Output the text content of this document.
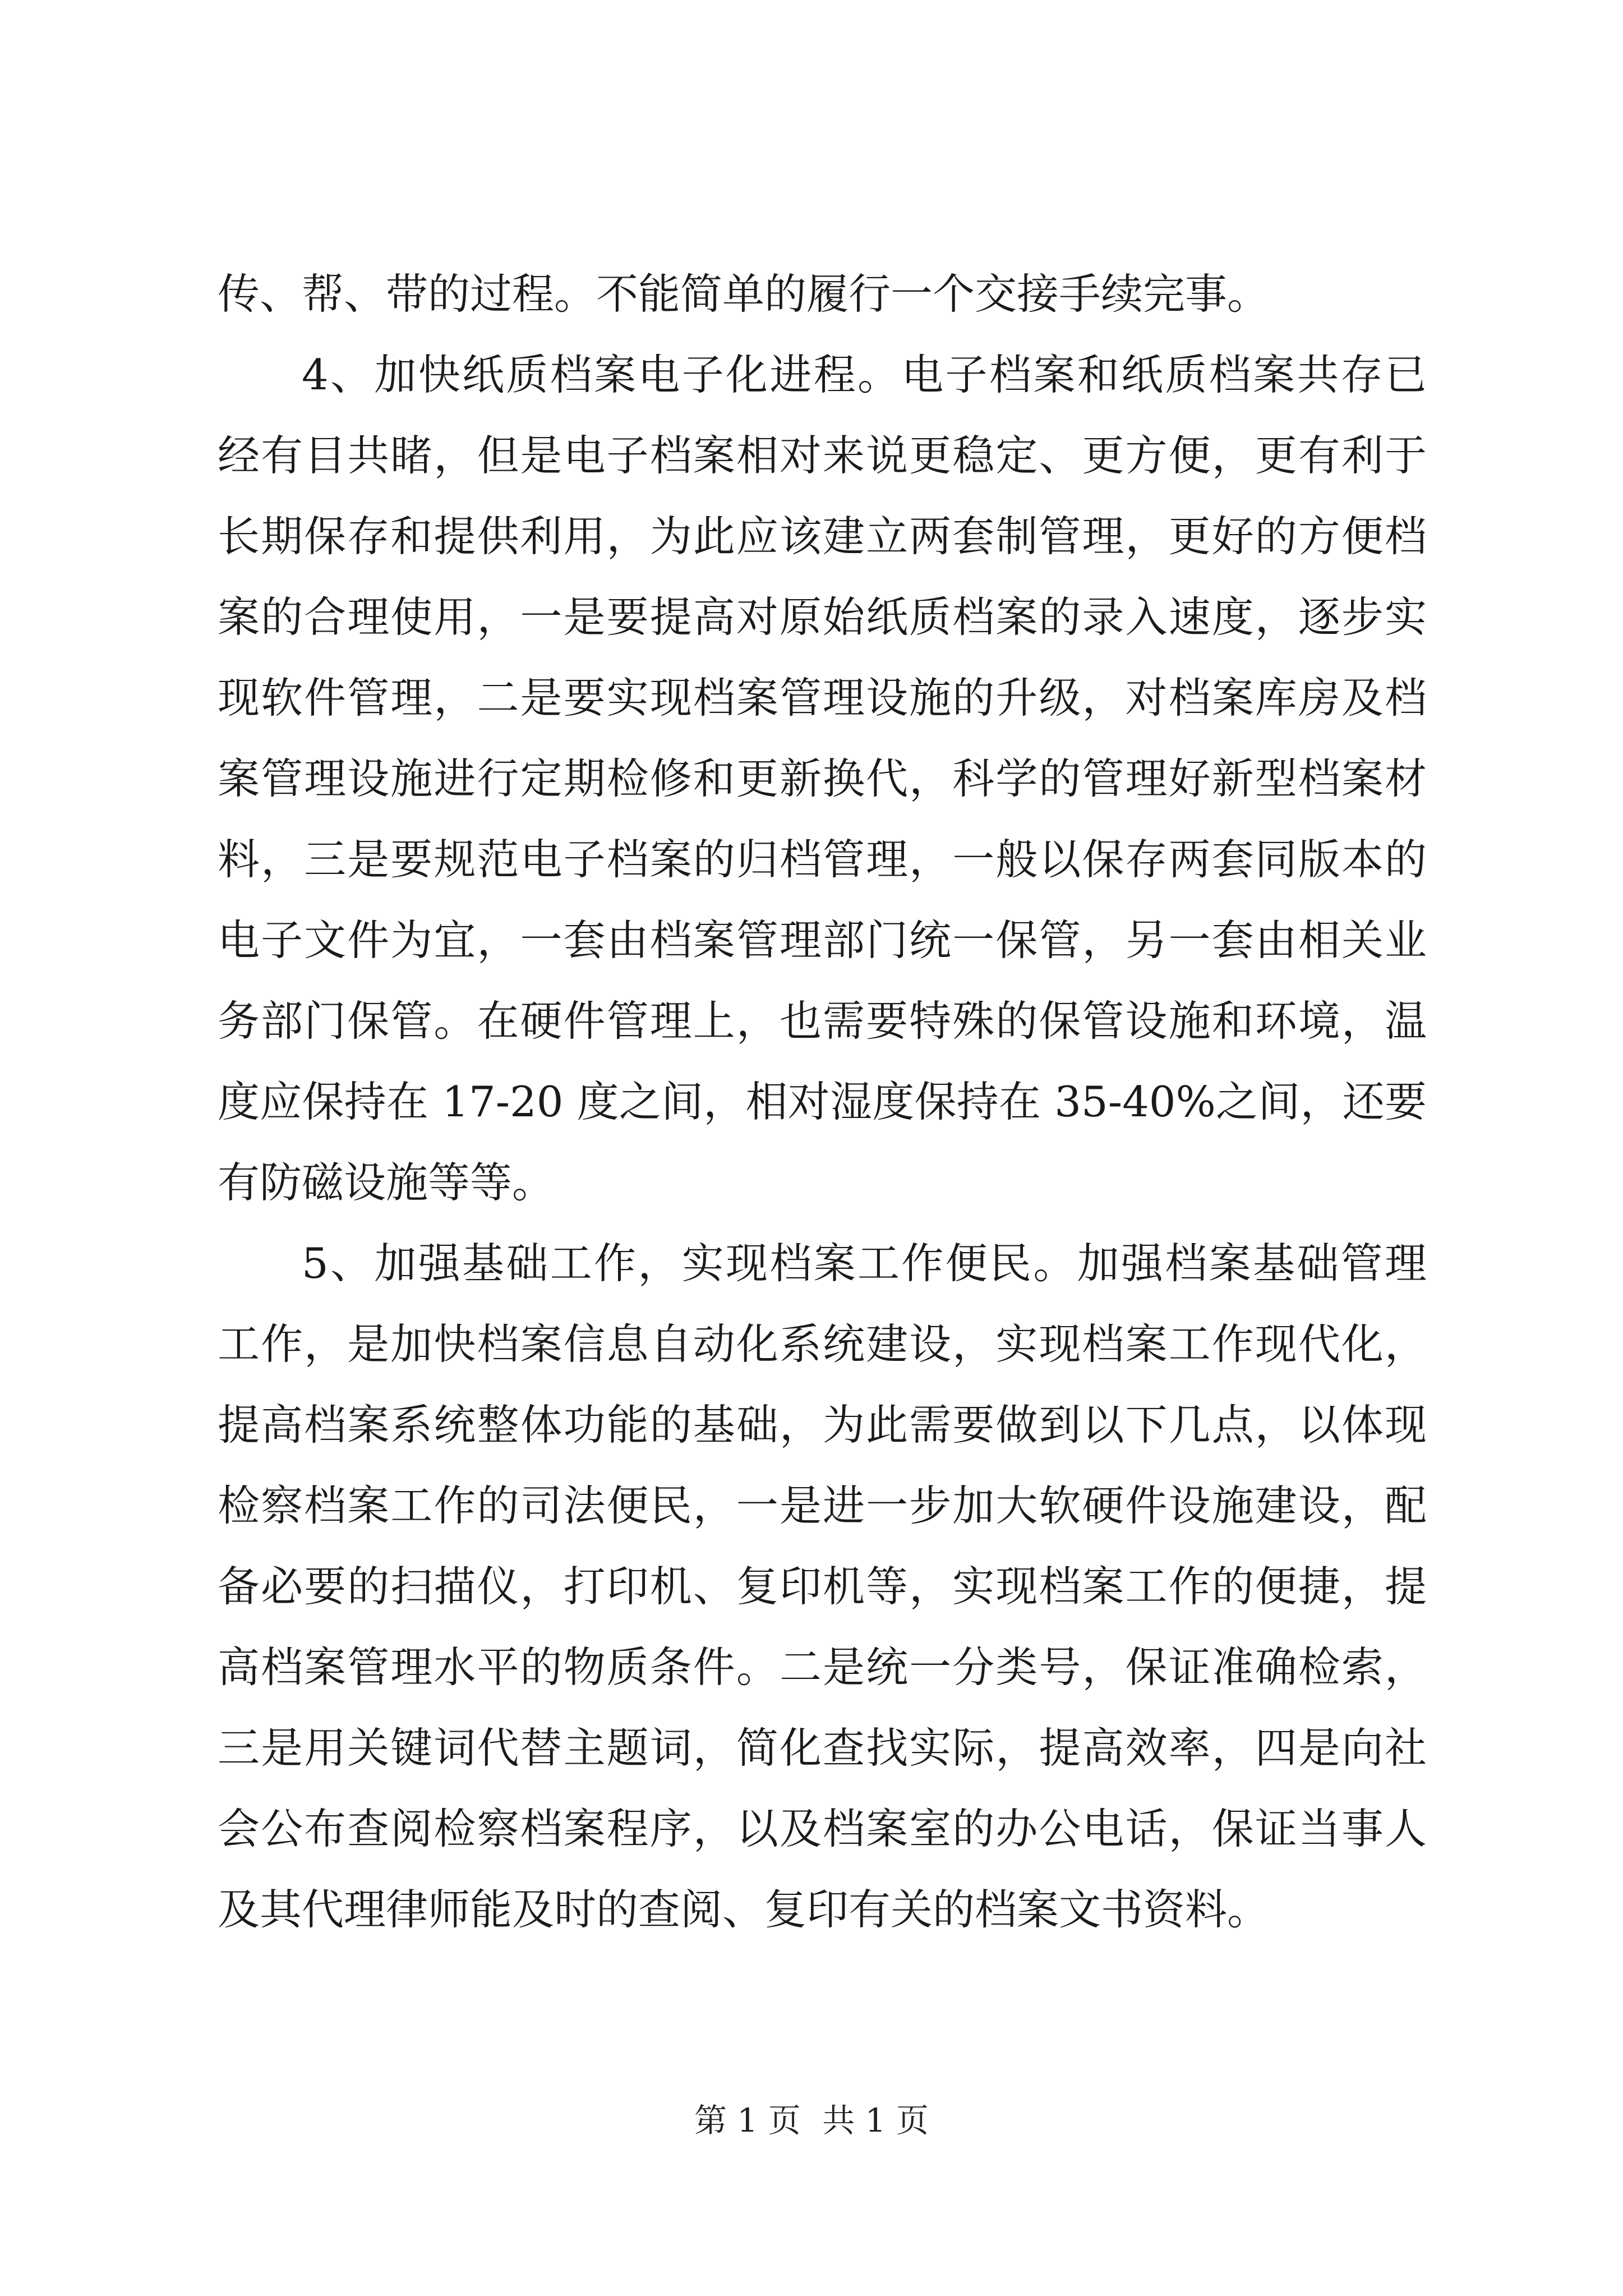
传、帮、带的过程。不能简单的履行一个交接手续完事。
4、加快纸质档案电子化进程。电子档案和纸质档案共存已
经有目共睹，但是电子档案相对来说更稳定、更方便，更有利于
长期保存和提供利用，为此应该建立两套制管理，更好的方便档
案的合理使用，一是要提高对原始纸质档案的录入速度，逐步实
现软件管理，二是要实现档案管理设施的升级，对档案库房及档
案管理设施进行定期检修和更新换代，科学的管理好新型档案材
料，三是要规范电子档案的归档管理，一般以保存两套同版本的
电子文件为宜，一套由档案管理部门统一保管，另一套由相关业
务部门保管。在硬件管理上，也需要特殊的保管设施和环境，温
度应保持在 17-20 度之间，相对湿度保持在 35-40%之间，还要
有防磁设施等等。
5、加强基础工作，实现档案工作便民。加强档案基础管理
工作，是加快档案信息自动化系统建设，实现档案工作现代化，
提高档案系统整体功能的基础，为此需要做到以下几点，以体现
检察档案工作的司法便民，一是进一步加大软硬件设施建设，配
备必要的扫描仪，打印机、复印机等，实现档案工作的便捷，提
高档案管理水平的物质条件。二是统一分类号，保证准确检索，
三是用关键词代替主题词，简化查找实际，提高效率，四是向社
会公布查阅检察档案程序，以及档案室的办公电话，保证当事人
及其代理律师能及时的查阅、复印有关的档案文书资料。
第 1 页 共 1 页
